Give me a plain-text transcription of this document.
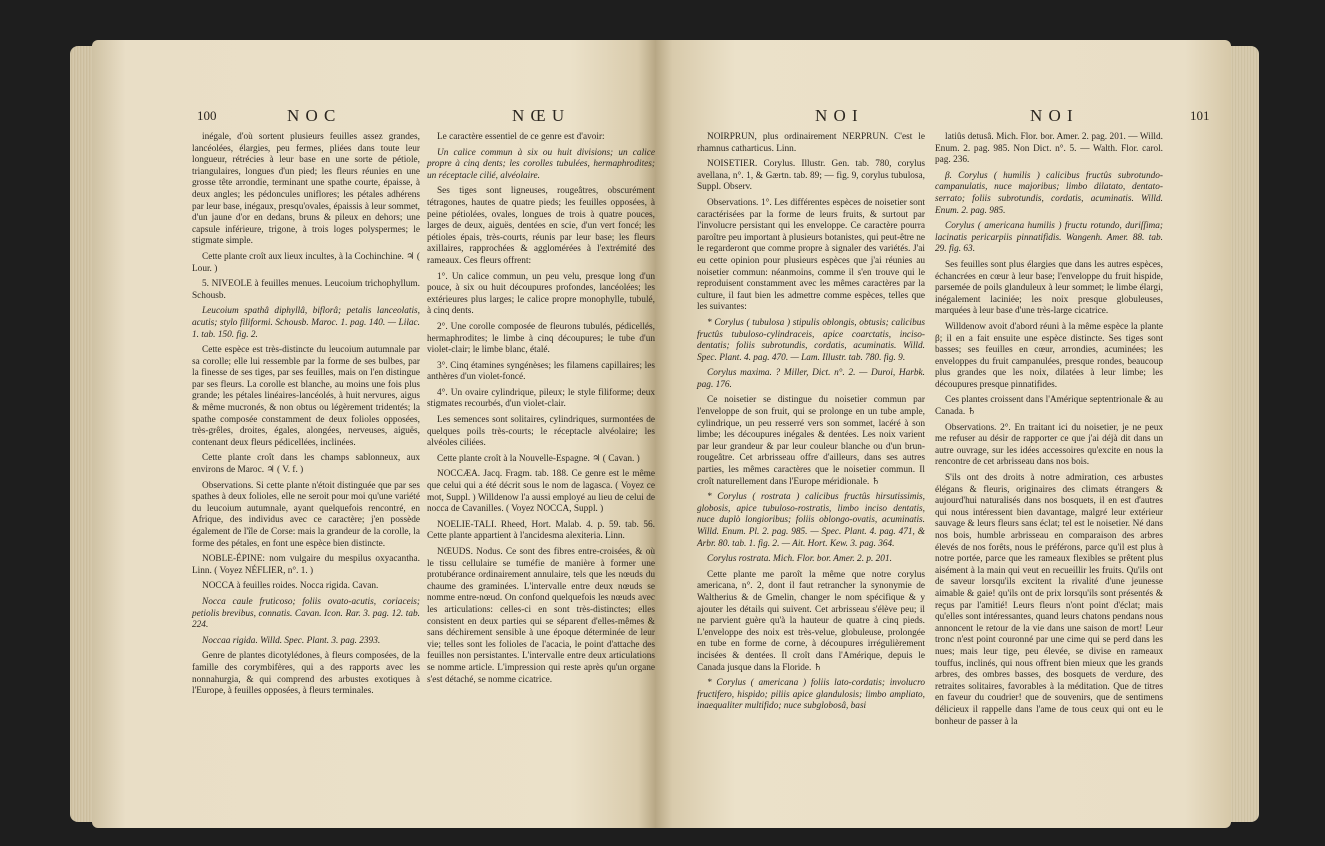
100	N O C	N Œ U

inégale, d'où sortent plusieurs feuilles assez grandes, lancéolées, élargies, peu fermes, pliées dans toute leur longueur, rétrécies à leur base en une sorte de pétiole, triangulaires, longues d'un pied; les fleurs réunies en une grosse tête arrondie, terminant une spathe courte, épaisse, à deux angles; les pédoncules uniflores; les pétales adhérens par leur base, inégaux, presqu'ovales, épaissis à leur sommet, d'un jaune d'or en dedans, bruns & pileux en dehors; une capsule inférieure, trigone, à trois loges polyspermes; le stigmate simple.

Cette plante croît aux lieux incultes, à la Cochinchine. ♃ ( Lour. )

5. NIVEOLE à feuilles menues. Leucoium trichophyllum. Schousb.

Leucoium spathâ diphyllâ, biflorâ; petalis lanceolatis, acutis; stylo filiformi. Schousb. Maroc. 1. pag. 140. — Lilac. 1. tab. 150. fig. 2.

Cette espèce est très-distincte du leucoium autumnale par sa corolle; elle lui ressemble par la forme de ses bulbes, par la finesse de ses tiges, par ses feuilles, mais on l'en distingue par ses fleurs. La corolle est blanche, au moins une fois plus grande; les pétales linéaires-lancéolés, à huit nervures, aigus & même mucronés, & non obtus ou légèrement tridentés; la spathe composée constamment de deux folioles opposées, très-grêles, droites, égales, alongées, nerveuses, aiguës, contenant deux fleurs pédicellées, inclinées.

Cette plante croît dans les champs sablonneux, aux environs de Maroc. ♃ ( V. f. )

Observations. Si cette plante n'étoit distinguée que par ses spathes à deux folioles, elle ne seroit pour moi qu'une variété du leucoium autumnale, ayant quelquefois rencontré, en Afrique, des individus avec ce caractère; j'en possède également de l'île de Corse: mais la grandeur de la corolle, la forme des pétales, en font une espèce bien distincte.

NOBLE-ÉPINE: nom vulgaire du mespilus oxyacantha. Linn. ( Voyez NÉFLIER, n°. 1. )

NOCCA à feuilles roides. Nocca rigida. Cavan.

Nocca caule fruticoso; foliis ovato-acutis, coriaceis; petiolis brevibus, connatis. Cavan. Icon. Rar. 3. pag. 12. tab. 224.

Noccaa rigida. Willd. Spec. Plant. 3. pag. 2393.

Genre de plantes dicotylédones, à fleurs composées, de la famille des corymbifères, qui a des rapports avec les nonnahurgia, & qui comprend des arbustes exotiques à l'Europe, à feuilles opposées, à fleurs terminales.

Le caractère essentiel de ce genre est d'avoir:

Un calice commun à six ou huit divisions; un calice propre à cinq dents; les corolles tubulées, hermaphrodites; un réceptacle cilié, alvéolaire.

Ses tiges sont ligneuses, rougeâtres, obscurément tétragones, hautes de quatre pieds; les feuilles opposées, à peine pétiolées, ovales, longues de trois à quatre pouces, larges de deux, aiguës, dentées en scie, d'un vert foncé; les pétioles épais, très-courts, réunis par leur base; les fleurs axillaires, rapprochées & agglomérées à l'extrémité des rameaux. Ces fleurs offrent:

1°. Un calice commun, un peu velu, presque long d'un pouce, à six ou huit découpures profondes, lancéolées; les extérieures plus larges; le calice propre monophylle, tubulé, à cinq dents.

2°. Une corolle composée de fleurons tubulés, pédicellés, hermaphrodites; le limbe à cinq découpures; le tube d'un violet-clair; le limbe blanc, étalé.

3°. Cinq étamines syngénèses; les filamens capillaires; les anthères d'un violet-foncé.

4°. Un ovaire cylindrique, pileux; le style filiforme; deux stigmates recourbés, d'un violet-clair.

Les semences sont solitaires, cylindriques, surmontées de quelques poils très-courts; le réceptacle alvéolaire; les alvéoles ciliées.

Cette plante croît à la Nouvelle-Espagne. ♃ ( Cavan. )

NOCCÆA. Jacq. Fragm. tab. 188. Ce genre est le même que celui qui a été décrit sous le nom de lagasca. ( Voyez ce mot, Suppl. ) Willdenow l'a aussi employé au lieu de celui de nocca de Cavanilles. ( Voyez NOCCA, Suppl. )

NOELIE-TALI. Rheed, Hort. Malab. 4. p. 59. tab. 56. Cette plante appartient à l'ancidesma alexiteria. Linn.

NŒUDS. Nodus. Ce sont des fibres entre-croisées, & où le tissu cellulaire se tuméfie de manière à former une protubérance ordinairement annulaire, tels que les nœuds du chaume des graminées. L'intervalle entre deux nœuds se nomme entre-nœud. On confond quelquefois les nœuds avec les articulations: celles-ci en sont très-distinctes; elles consistent en deux parties qui se séparent d'elles-mêmes & sans déchirement sensible à une époque déterminée de leur vie; telles sont les folioles de l'acacia, le point d'attache des feuilles non persistantes. L'intervalle entre deux articulations se nomme article. L'impression qui reste après qu'un organe s'est détaché, se nomme cicatrice.

N O I	N O I	101

NOIRPRUN, plus ordinairement NERPRUN. C'est le rhamnus catharticus. Linn.

NOISETIER. Corylus. Illustr. Gen. tab. 780, corylus avellana, n°. 1, & Gærtn. tab. 89; — fig. 9, corylus tubulosa, Suppl. Observ.

Observations. 1°. Les différentes espèces de noisetier sont caractérisées par la forme de leurs fruits, & surtout par l'involucre persistant qui les enveloppe. Ce caractère pourra paroître peu important à plusieurs botanistes, qui peut-être ne le regarderont que comme propre à signaler des variétés. J'ai eu cette opinion pour plusieurs espèces que j'ai réunies au noisetier commun: néanmoins, comme il s'en trouve qui le reproduisent constamment avec les mêmes caractères par la culture, il faut bien les admettre comme espèces, telles que les suivantes:

* Corylus ( tubulosa ) stipulis oblongis, obtusis; calicibus fructûs tubuloso-cylindraceis, apice coarctatis, inciso-dentatis; foliis subrotundis, cordatis, acuminatis. Willd. Spec. Plant. 4. pag. 470. — Lam. Illustr. tab. 780. fig. 9.

Corylus maxima. ? Miller, Dict. n°. 2. — Duroi, Harbk. pag. 176.

Ce noisetier se distingue du noisetier commun par l'enveloppe de son fruit, qui se prolonge en un tube ample, cylindrique, un peu resserré vers son sommet, lacéré à son limbe; les découpures inégales & dentées. Les noix varient par leur grandeur & par leur couleur blanche ou d'un brun-rougeâtre. Cet arbrisseau offre d'ailleurs, dans ses autres parties, les mêmes caractères que le noisetier commun. Il croît naturellement dans l'Europe méridionale. ♄

* Corylus ( rostrata ) calicibus fructûs hirsutissimis, globosis, apice tubuloso-rostratis, limbo inciso dentatis, nuce duplò longioribus; foliis oblongo-ovatis, acuminatis. Willd. Enum. Pl. 2. pag. 985. — Spec. Plant. 4. pag. 471, & Arbr. 80. tab. 1. fig. 2. — Ait. Hort. Kew. 3. pag. 364.

Corylus rostrata. Mich. Flor. bor. Amer. 2. p. 201.

Cette plante me paroît la même que notre corylus americana, n°. 2, dont il faut retrancher la synonymie de Waltherius & de Gmelin, changer le nom spécifique & y ajouter les détails qui suivent. Cet arbrisseau s'élève peu; il ne parvient guère qu'à la hauteur de quatre à cinq pieds. L'enveloppe des noix est très-velue, globuleuse, prolongée en tube en forme de corne, à découpures irrégulièrement incisées & dentées. Il croît dans l'Amérique, depuis le Canada jusque dans la Floride. ♄

* Corylus ( americana ) foliis lato-cordatis; involucro fructifero, hispido; piliis apice glandulosis; limbo ampliato, inaequaliter multifido; nuce subglobosâ, basi

latiûs detusâ. Mich. Flor. bor. Amer. 2. pag. 201. — Willd. Enum. 2. pag. 985. Non Dict. n°. 5. — Walth. Flor. carol. pag. 236.

β. Corylus ( humilis ) calicibus fructûs subrotundo-campanulatis, nuce majoribus; limbo dilatato, dentato-serrato; foliis subrotundis, cordatis, acuminatis. Willd. Enum. 2. pag. 985.

Corylus ( americana humilis ) fructu rotundo, duriſſima; lacinatis pericarpiis pinnatifidis. Wangenh. Amer. 88. tab. 29. fig. 63.

Ses feuilles sont plus élargies que dans les autres espèces, échancrées en cœur à leur base; l'enveloppe du fruit hispide, parsemée de poils glanduleux à leur sommet; le limbe élargi, inégalement laciniée; les noix presque globuleuses, marquées à leur base d'une très-large cicatrice.

Willdenow avoit d'abord réuni à la même espèce la plante β; il en a fait ensuite une espèce distincte. Ses tiges sont basses; ses feuilles en cœur, arrondies, acuminées; les enveloppes du fruit campanulées, presque rondes, beaucoup plus grandes que les noix, dilatées à leur limbe; les découpures presque pinnatifides.

Ces plantes croissent dans l'Amérique septentrionale & au Canada. ♄

Observations. 2°. En traitant ici du noisetier, je ne peux me refuser au désir de rapporter ce que j'ai déjà dit dans un autre ouvrage, sur les idées accessoires qu'excite en nous la rencontre de cet arbrisseau dans nos bois.

S'ils ont des droits à notre admiration, ces arbustes élégans & fleuris, originaires des climats étrangers & aujourd'hui naturalisés dans nos bosquets, il en est d'autres qui nous intéressent bien davantage, malgré leur extérieur sauvage & leurs fleurs sans éclat; tel est le noisetier. Né dans nos bois, humble arbrisseau en comparaison des arbres élevés de nos forêts, nous le préférons, parce qu'il est plus à notre portée, parce que les rameaux flexibles se prêtent plus aisément à la main qui veut en recueillir les fruits. Qu'ils ont de saveur lorsqu'ils excitent la rivalité d'une jeunesse aimable & gaie! qu'ils ont de prix lorsqu'ils sont présentés & reçus par l'amitié! Leurs fleurs n'ont point d'éclat; mais qu'elles sont intéressantes, quand leurs chatons pendans nous annoncent le retour de la vie dans une saison de mort! Leur tronc n'est point couronné par une cime qui se perd dans les nues; mais leur tige, peu élevée, se divise en rameaux touffus, inclinés, qui nous offrent bien mieux que les grands arbres, des ombres basses, des bosquets de verdure, des retraites solitaires, favorables à la méditation. Que de titres en faveur du coudrier! que de souvenirs, que de sentimens délicieux il rappelle dans l'ame de tous ceux qui ont eu le bonheur de passer à la
